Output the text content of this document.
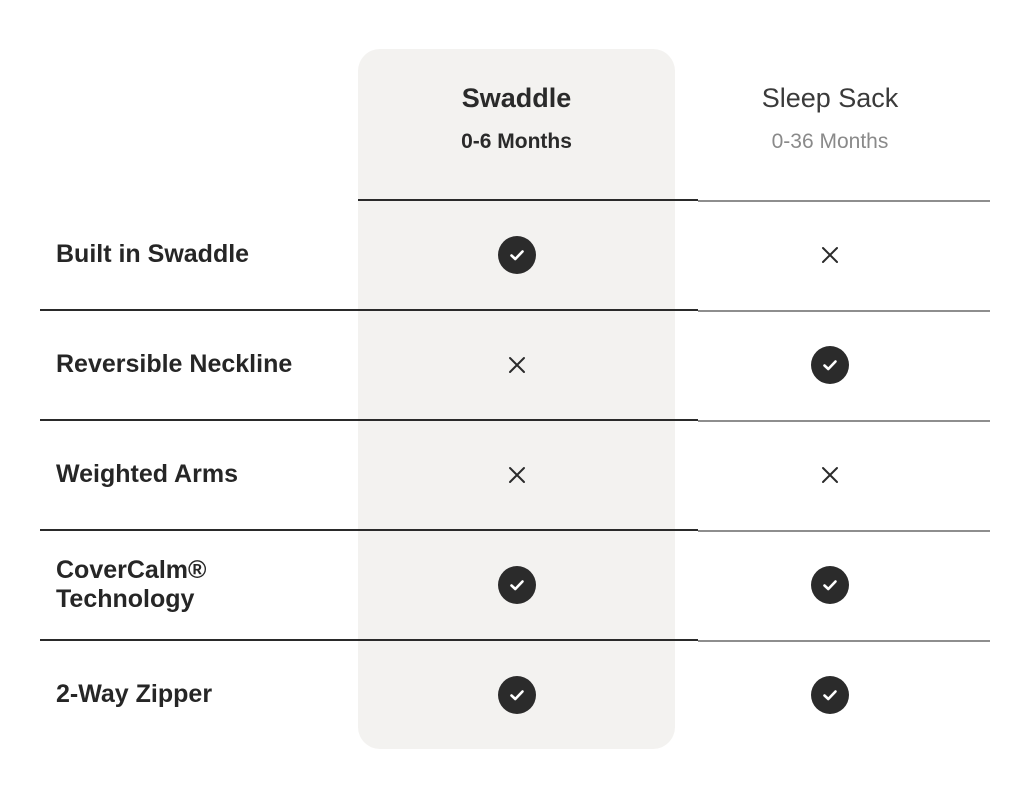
Swaddle
0-6 Months
Sleep Sack
0-36 Months
Built in Swaddle
Reversible Neckline
Weighted Arms
CoverCalm® Technology
2-Way Zipper
